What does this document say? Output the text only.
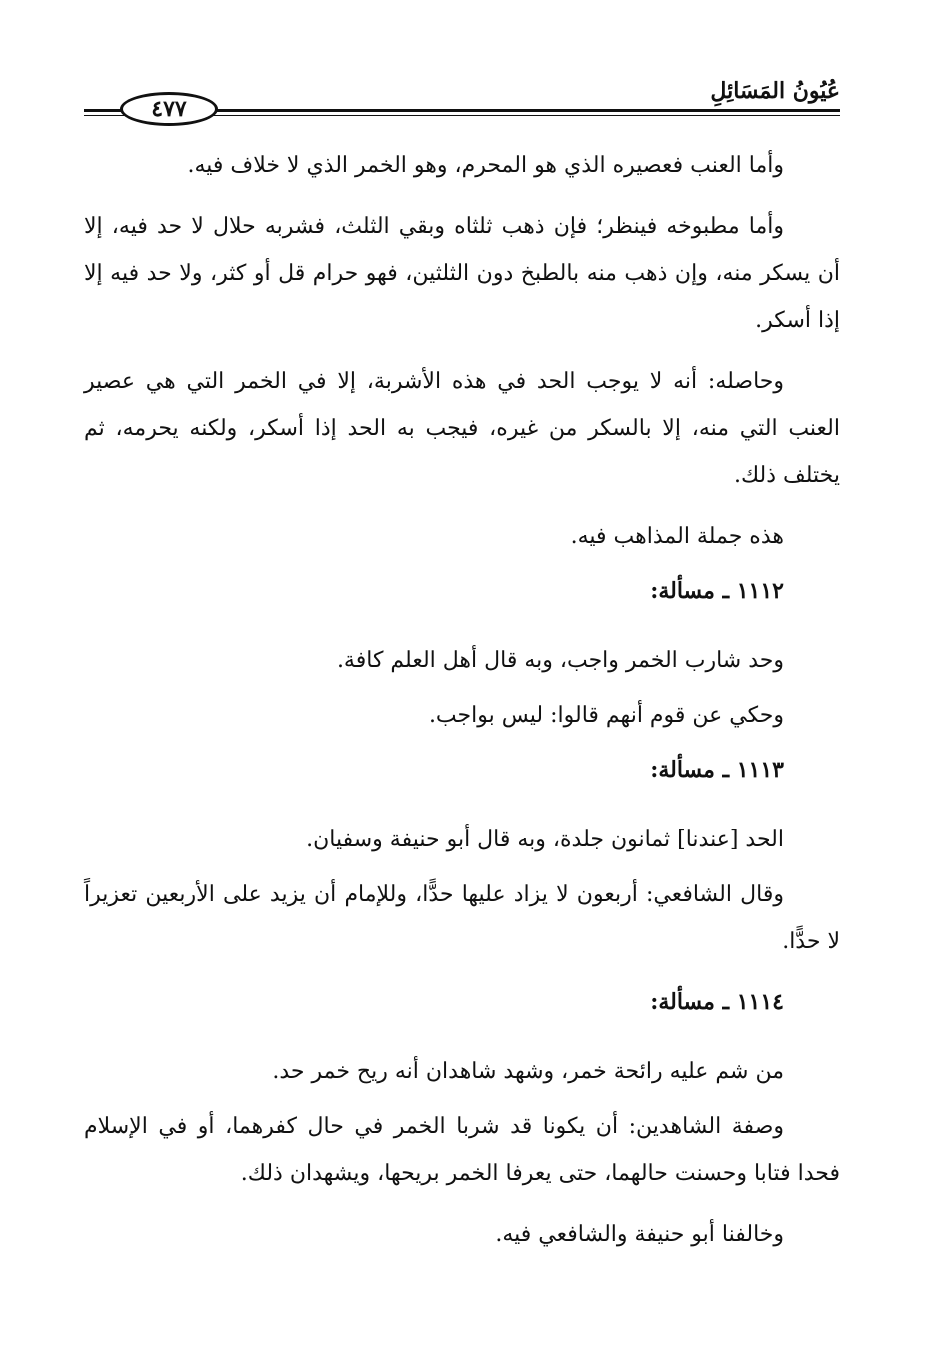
عُيُونُ المَسَائِلِ
٤٧٧

وأما العنب فعصيره الذي هو المحرم، وهو الخمر الذي لا خلاف فيه.

وأما مطبوخه فينظر؛ فإن ذهب ثلثاه وبقي الثلث، فشربه حلال لا حد فيه، إلا أن يسكر منه، وإن ذهب منه بالطبخ دون الثلثين، فهو حرام قل أو كثر، ولا حد فيه إلا إذا أسكر.

وحاصله: أنه لا يوجب الحد في هذه الأشربة، إلا في الخمر التي هي عصير العنب التي منه، إلا بالسكر من غيره، فيجب به الحد إذا أسكر، ولكنه يحرمه، ثم يختلف ذلك.

هذه جملة المذاهب فيه.

١١١٢ ـ مسألة:

وحد شارب الخمر واجب، وبه قال أهل العلم كافة.

وحكي عن قوم أنهم قالوا: ليس بواجب.

١١١٣ ـ مسألة:

الحد [عندنا] ثمانون جلدة، وبه قال أبو حنيفة وسفيان.

وقال الشافعي: أربعون لا يزاد عليها حدًّا، وللإمام أن يزيد على الأربعين تعزيراً لا حدًّا.

١١١٤ ـ مسألة:

من شم عليه رائحة خمر، وشهد شاهدان أنه ريح خمر حد.

وصفة الشاهدين: أن يكونا قد شربا الخمر في حال كفرهما، أو في الإسلام فحدا فتابا وحسنت حالهما، حتى يعرفا الخمر بريحها، ويشهدان ذلك.

وخالفنا أبو حنيفة والشافعي فيه.
